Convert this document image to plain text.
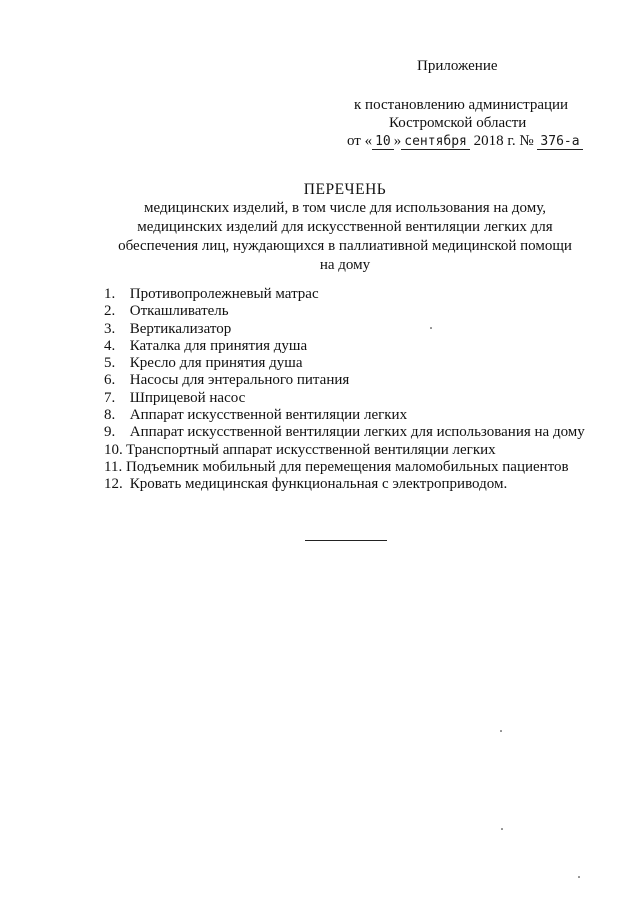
Приложение
к постановлению администрации
Костромской области
от « 10 » сентября 2018 г. № 376-а
ПЕРЕЧЕНЬ
медицинских изделий, в том числе для использования на дому,
медицинских изделий для искусственной вентиляции легких для
обеспечения лиц, нуждающихся в паллиативной медицинской помощи
на дому
1. Противопролежневый матрас
2. Откашливатель
3. Вертикализатор
4. Каталка для принятия душа
5. Кресло для принятия душа
6. Насосы для энтерального питания
7. Шприцевой насос
8. Аппарат искусственной вентиляции легких
9. Аппарат искусственной вентиляции легких для использования на дому
10. Транспортный аппарат искусственной вентиляции легких
11. Подъемник мобильный для перемещения маломобильных пациентов
12. Кровать медицинская функциональная с электроприводом.
